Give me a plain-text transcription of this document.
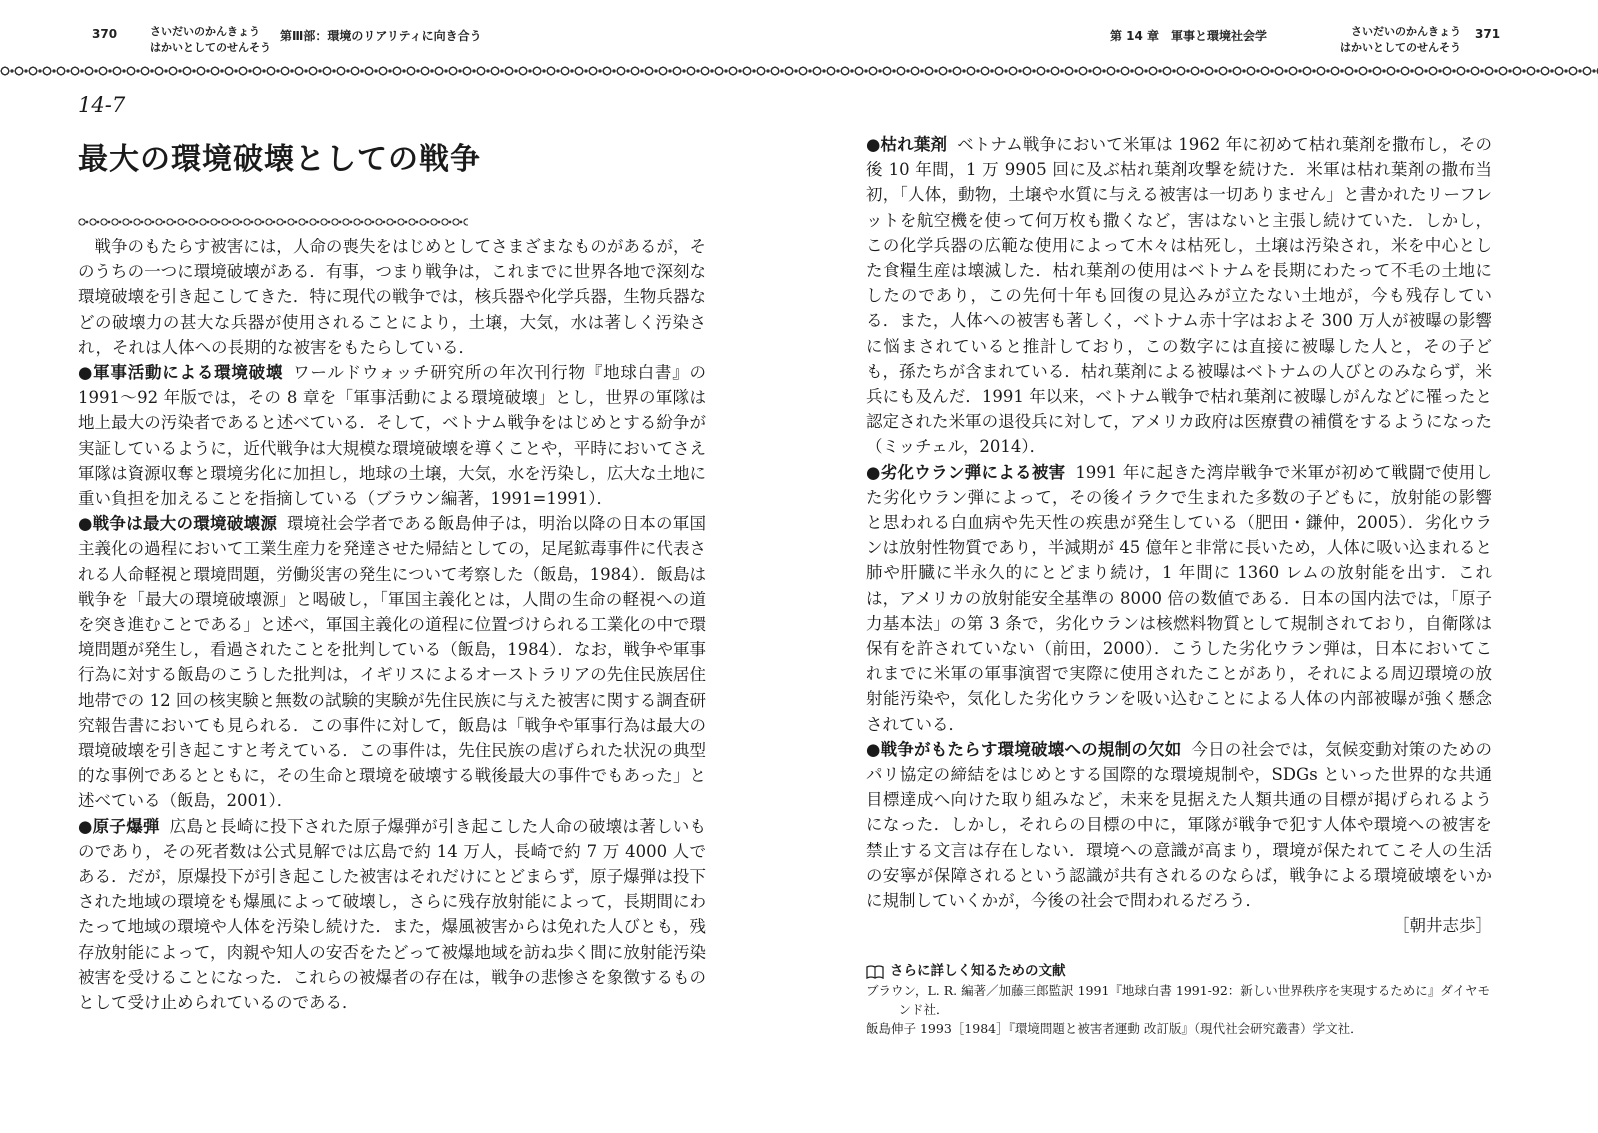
370	さいだいのかんきょう
はかいとしてのせんそう
第Ⅲ部：環境のリアリティに向き合う	第 14 章　軍事と環境社会学	さいだいのかんきょう
はかいとしてのせんそう
371
14-7
最大の環境破壊としての戦争

戦争のもたらす被害には，人命の喪失をはじめとしてさまざまなものがあるが，そのうちの一つに環境破壊がある．有事，つまり戦争は，これまでに世界各地で深刻な環境破壊を引き起こしてきた．特に現代の戦争では，核兵器や化学兵器，生物兵器などの破壊力の甚大な兵器が使用されることにより，土壌，大気，水は著しく汚染され，それは人体への長期的な被害をもたらしている．

●軍事活動による環境破壊 ワールドウォッチ研究所の年次刊行物『地球白書』の 1991～92 年版では，その 8 章を「軍事活動による環境破壊」とし，世界の軍隊は地上最大の汚染者であると述べている．そして，ベトナム戦争をはじめとする紛争が実証しているように，近代戦争は大規模な環境破壊を導くことや，平時においてさえ軍隊は資源収奪と環境劣化に加担し，地球の土壌，大気，水を汚染し，広大な土地に重い負担を加えることを指摘している（ブラウン編著，1991=1991）．

●戦争は最大の環境破壊源 環境社会学者である飯島伸子は，明治以降の日本の軍国主義化の過程において工業生産力を発達させた帰結としての，足尾鉱毒事件に代表される人命軽視と環境問題，労働災害の発生について考察した（飯島，1984）．飯島は戦争を「最大の環境破壊源」と喝破し，「軍国主義化とは，人間の生命の軽視への道を突き進むことである」と述べ，軍国主義化の道程に位置づけられる工業化の中で環境問題が発生し，看過されたことを批判している（飯島，1984）．なお，戦争や軍事行為に対する飯島のこうした批判は，イギリスによるオーストラリアの先住民族居住地帯での 12 回の核実験と無数の試験的実験が先住民族に与えた被害に関する調査研究報告書においても見られる．この事件に対して，飯島は「戦争や軍事行為は最大の環境破壊を引き起こすと考えている．この事件は，先住民族の虐げられた状況の典型的な事例であるとともに，その生命と環境を破壊する戦後最大の事件でもあった」と述べている（飯島，2001）．

●原子爆弾 広島と長崎に投下された原子爆弾が引き起こした人命の破壊は著しいものであり，その死者数は公式見解では広島で約 14 万人，長崎で約 7 万 4000 人である．だが，原爆投下が引き起こした被害はそれだけにとどまらず，原子爆弾は投下された地域の環境をも爆風によって破壊し，さらに残存放射能によって，長期間にわたって地域の環境や人体を汚染し続けた．また，爆風被害からは免れた人びとも，残存放射能によって，肉親や知人の安否をたどって被爆地域を訪ね歩く間に放射能汚染被害を受けることになった．これらの被爆者の存在は，戦争の悲惨さを象徴するものとして受け止められているのである．

●枯れ葉剤 ベトナム戦争において米軍は 1962 年に初めて枯れ葉剤を撒布し，その後 10 年間，1 万 9905 回に及ぶ枯れ葉剤攻撃を続けた．米軍は枯れ葉剤の撒布当初，「人体，動物，土壌や水質に与える被害は一切ありません」と書かれたリーフレットを航空機を使って何万枚も撒くなど，害はないと主張し続けていた．しかし，この化学兵器の広範な使用によって木々は枯死し，土壌は汚染され，米を中心とした食糧生産は壊滅した．枯れ葉剤の使用はベトナムを長期にわたって不毛の土地にしたのであり，この先何十年も回復の見込みが立たない土地が，今も残存している．また，人体への被害も著しく，ベトナム赤十字はおよそ 300 万人が被曝の影響に悩まされていると推計しており，この数字には直接に被曝した人と，その子ども，孫たちが含まれている．枯れ葉剤による被曝はベトナムの人びとのみならず，米兵にも及んだ．1991 年以来，ベトナム戦争で枯れ葉剤に被曝しがんなどに罹ったと認定された米軍の退役兵に対して，アメリカ政府は医療費の補償をするようになった（ミッチェル，2014）．

●劣化ウラン弾による被害 1991 年に起きた湾岸戦争で米軍が初めて戦闘で使用した劣化ウラン弾によって，その後イラクで生まれた多数の子どもに，放射能の影響と思われる白血病や先天性の疾患が発生している（肥田・鎌仲，2005）．劣化ウランは放射性物質であり，半減期が 45 億年と非常に長いため，人体に吸い込まれると肺や肝臓に半永久的にとどまり続け，1 年間に 1360 レムの放射能を出す．これは，アメリカの放射能安全基準の 8000 倍の数値である．日本の国内法では，「原子力基本法」の第 3 条で，劣化ウランは核燃料物質として規制されており，自衛隊は保有を許されていない（前田，2000）．こうした劣化ウラン弾は，日本においてこれまでに米軍の軍事演習で実際に使用されたことがあり，それによる周辺環境の放射能汚染や，気化した劣化ウランを吸い込むことによる人体の内部被曝が強く懸念されている．

●戦争がもたらす環境破壊への規制の欠如 今日の社会では，気候変動対策のためのパリ協定の締結をはじめとする国際的な環境規制や，SDGs といった世界的な共通目標達成へ向けた取り組みなど，未来を見据えた人類共通の目標が掲げられるようになった．しかし，それらの目標の中に，軍隊が戦争で犯す人体や環境への被害を禁止する文言は存在しない．環境への意識が高まり，環境が保たれてこそ人の生活の安寧が保障されるという認識が共有されるのならば，戦争による環境破壊をいかに規制していくかが，今後の社会で問われるだろう．

［朝井志歩］

さらに詳しく知るための文献
ブラウン，L. R. 編著／加藤三郎監訳 1991『地球白書 1991-92：新しい世界秩序を実現するために』ダイヤモンド社．
飯島伸子 1993［1984］『環境問題と被害者運動 改訂版』（現代社会研究叢書）学文社．
